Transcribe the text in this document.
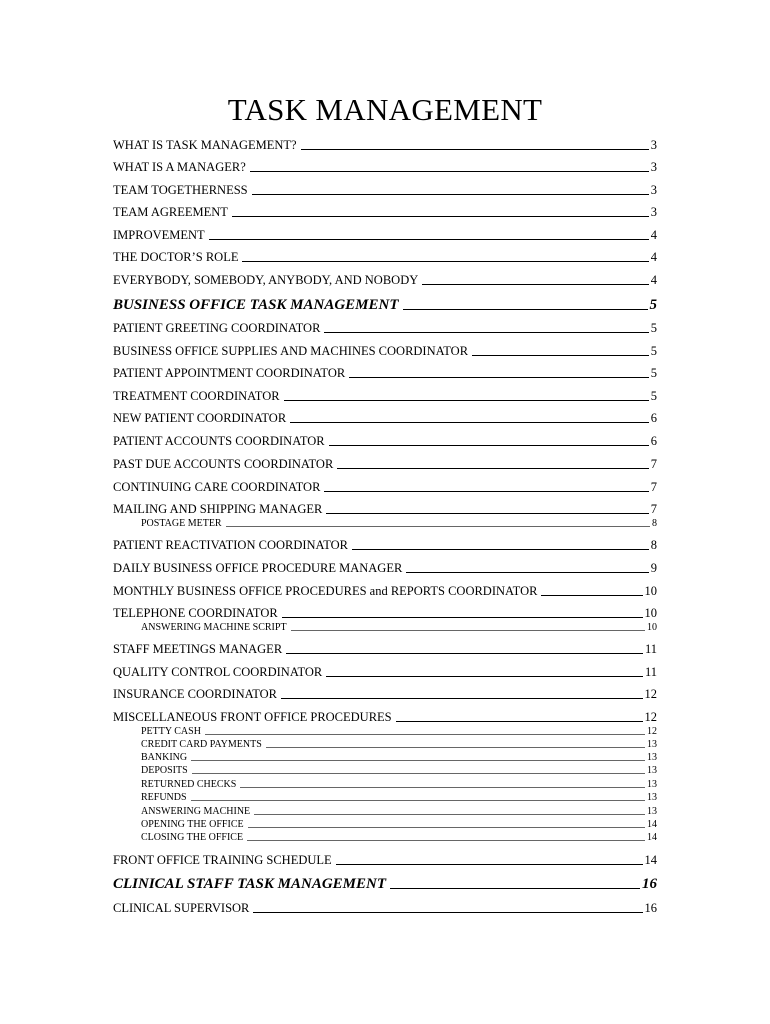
TASK MANAGEMENT
WHAT IS TASK MANAGEMENT?	3
WHAT IS A MANAGER?	3
TEAM TOGETHERNESS	3
TEAM AGREEMENT	3
IMPROVEMENT	4
THE DOCTOR’S ROLE	4
EVERYBODY, SOMEBODY, ANYBODY, AND NOBODY	4
BUSINESS OFFICE TASK MANAGEMENT	5
PATIENT GREETING COORDINATOR	5
BUSINESS OFFICE SUPPLIES AND MACHINES COORDINATOR	5
PATIENT APPOINTMENT COORDINATOR	5
TREATMENT COORDINATOR	5
NEW PATIENT COORDINATOR	6
PATIENT ACCOUNTS COORDINATOR	6
PAST DUE ACCOUNTS COORDINATOR	7
CONTINUING CARE COORDINATOR	7
MAILING AND SHIPPING MANAGER	7
POSTAGE METER	8
PATIENT REACTIVATION COORDINATOR	8
DAILY BUSINESS OFFICE PROCEDURE MANAGER	9
MONTHLY BUSINESS OFFICE PROCEDURES and REPORTS COORDINATOR	10
TELEPHONE COORDINATOR	10
ANSWERING MACHINE SCRIPT	10
STAFF MEETINGS MANAGER	11
QUALITY CONTROL COORDINATOR	11
INSURANCE COORDINATOR	12
MISCELLANEOUS FRONT OFFICE PROCEDURES	12
PETTY CASH	12
CREDIT CARD PAYMENTS	13
BANKING	13
DEPOSITS	13
RETURNED CHECKS	13
REFUNDS	13
ANSWERING MACHINE	13
OPENING THE OFFICE	14
CLOSING THE OFFICE	14
FRONT OFFICE TRAINING SCHEDULE	14
CLINICAL STAFF TASK MANAGEMENT	16
CLINICAL SUPERVISOR	16
